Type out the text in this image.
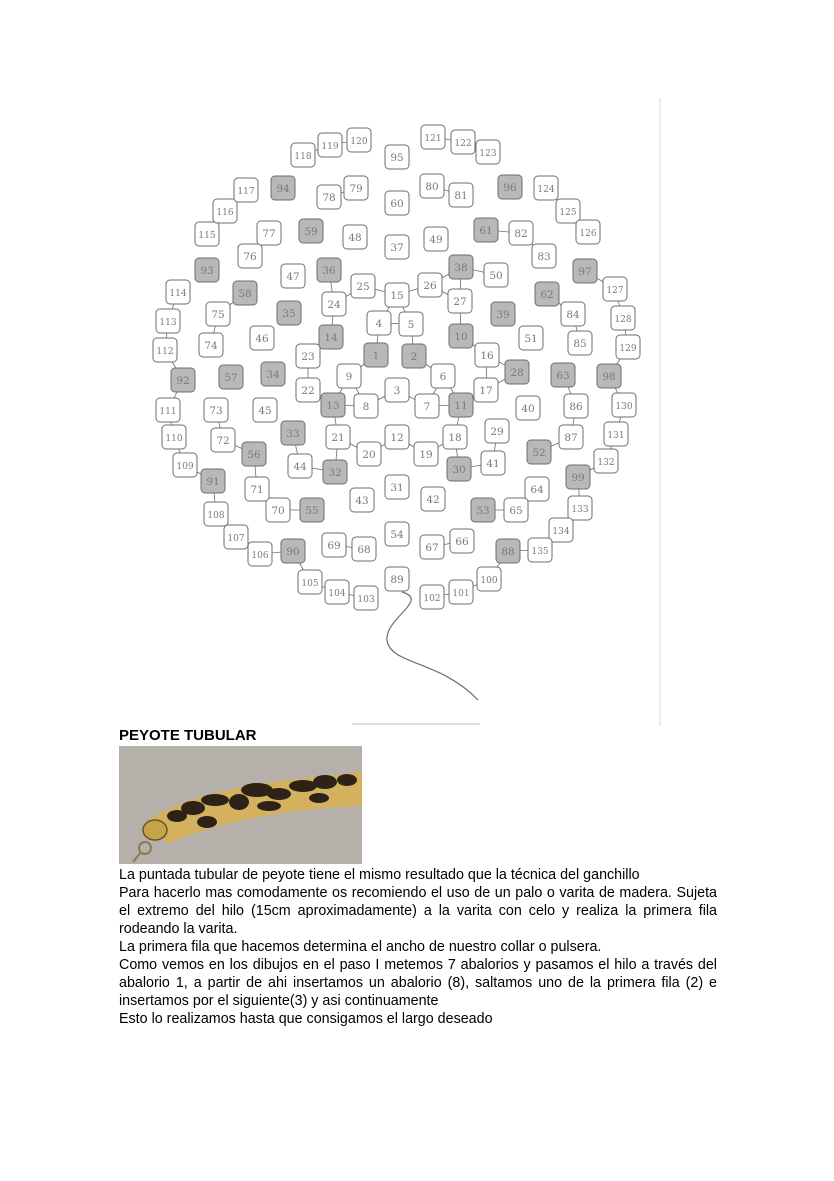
1	2
3
4 5
6
7
8
9
10
11
12
13
14
15
16
17
18
19
20
21
22
23
24
25	26
27
28
29
30
31
32
33
34
35
36
37
38
39
40
41
42
43
44
45
46
47
48	49
50
51
52
53
54
55
56
57
58
59
60
61
62
63
64
65
66
67
68
69
70
71
72
73
74
75
76
77
78
79	80
81
82
83
84
85
86
87
88
89
90
91
92
93
94
95
96
97
98
99
100
101
102
103
104
105
106
107
108
109
110
111
112
113
114
115
116
117
118
119 120	121 122
123
124
125
126
127
128
129
130
131
132
133
134
135
PEYOTE TUBULAR

La puntada tubular de peyote tiene el mismo resultado que la técnica del ganchillo

Para hacerlo mas comodamente os recomiendo el uso de un palo o varita de madera. Sujeta el extremo del hilo (15cm aproximadamente) a la varita con celo y realiza la primera fila rodeando la varita.

La primera fila que hacemos determina el ancho de nuestro collar o pulsera.

Como vemos en los dibujos en el paso I metemos 7 abalorios y pasamos el hilo a través del abalorio 1, a partir de ahi insertamos un abalorio (8), saltamos uno de la primera fila (2) e insertamos por el siguiente(3) y asi continuamente

Esto lo realizamos hasta que consigamos el largo deseado
